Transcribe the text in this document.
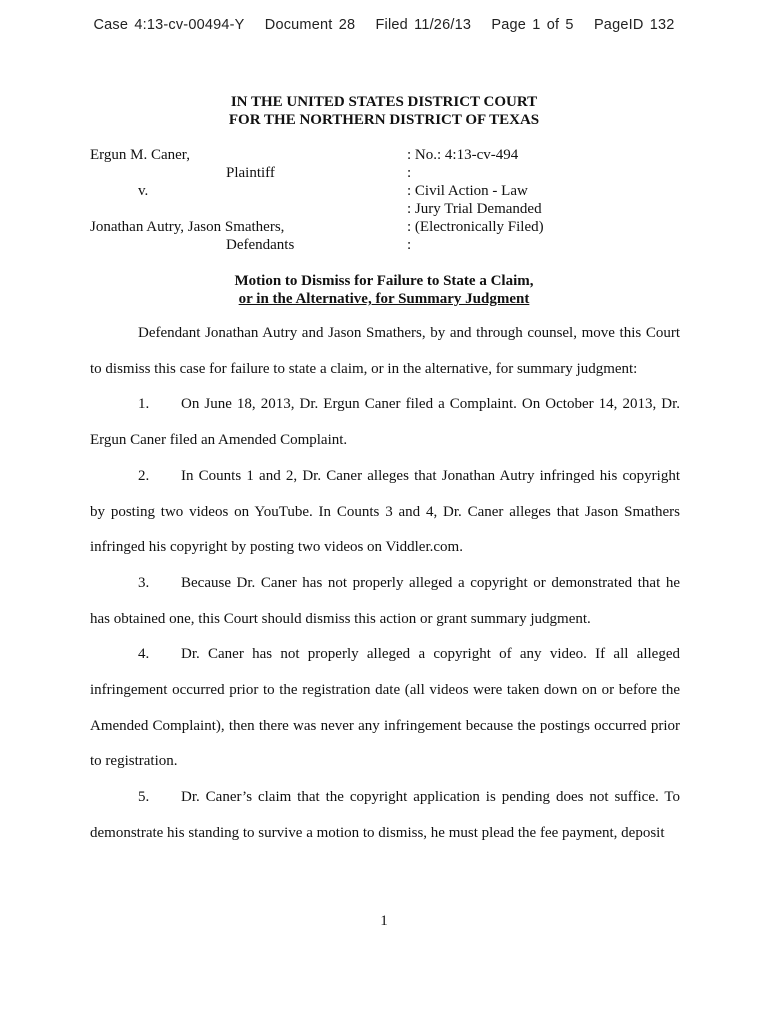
Case 4:13-cv-00494-Y Document 28 Filed 11/26/13 Page 1 of 5 PageID 132
IN THE UNITED STATES DISTRICT COURT
FOR THE NORTHERN DISTRICT OF TEXAS
Ergun M. Caner,	: No.: 4:13-cv-494
Plaintiff	:
v.	: Civil Action - Law
: Jury Trial Demanded
Jonathan Autry, Jason Smathers,	: (Electronically Filed)
Defendants	:
Motion to Dismiss for Failure to State a Claim,
or in the Alternative, for Summary Judgment

Defendant Jonathan Autry and Jason Smathers, by and through counsel, move this Court to dismiss this case for failure to state a claim, or in the alternative, for summary judgment:

1. On June 18, 2013, Dr. Ergun Caner filed a Complaint. On October 14, 2013, Dr. Ergun Caner filed an Amended Complaint.

2. In Counts 1 and 2, Dr. Caner alleges that Jonathan Autry infringed his copyright by posting two videos on YouTube. In Counts 3 and 4, Dr. Caner alleges that Jason Smathers infringed his copyright by posting two videos on Viddler.com.

3. Because Dr. Caner has not properly alleged a copyright or demonstrated that he has obtained one, this Court should dismiss this action or grant summary judgment.

4. Dr. Caner has not properly alleged a copyright of any video. If all alleged infringement occurred prior to the registration date (all videos were taken down on or before the Amended Complaint), then there was never any infringement because the postings occurred prior to registration.

5. Dr. Caner’s claim that the copyright application is pending does not suffice. To demonstrate his standing to survive a motion to dismiss, he must plead the fee payment, deposit

1
